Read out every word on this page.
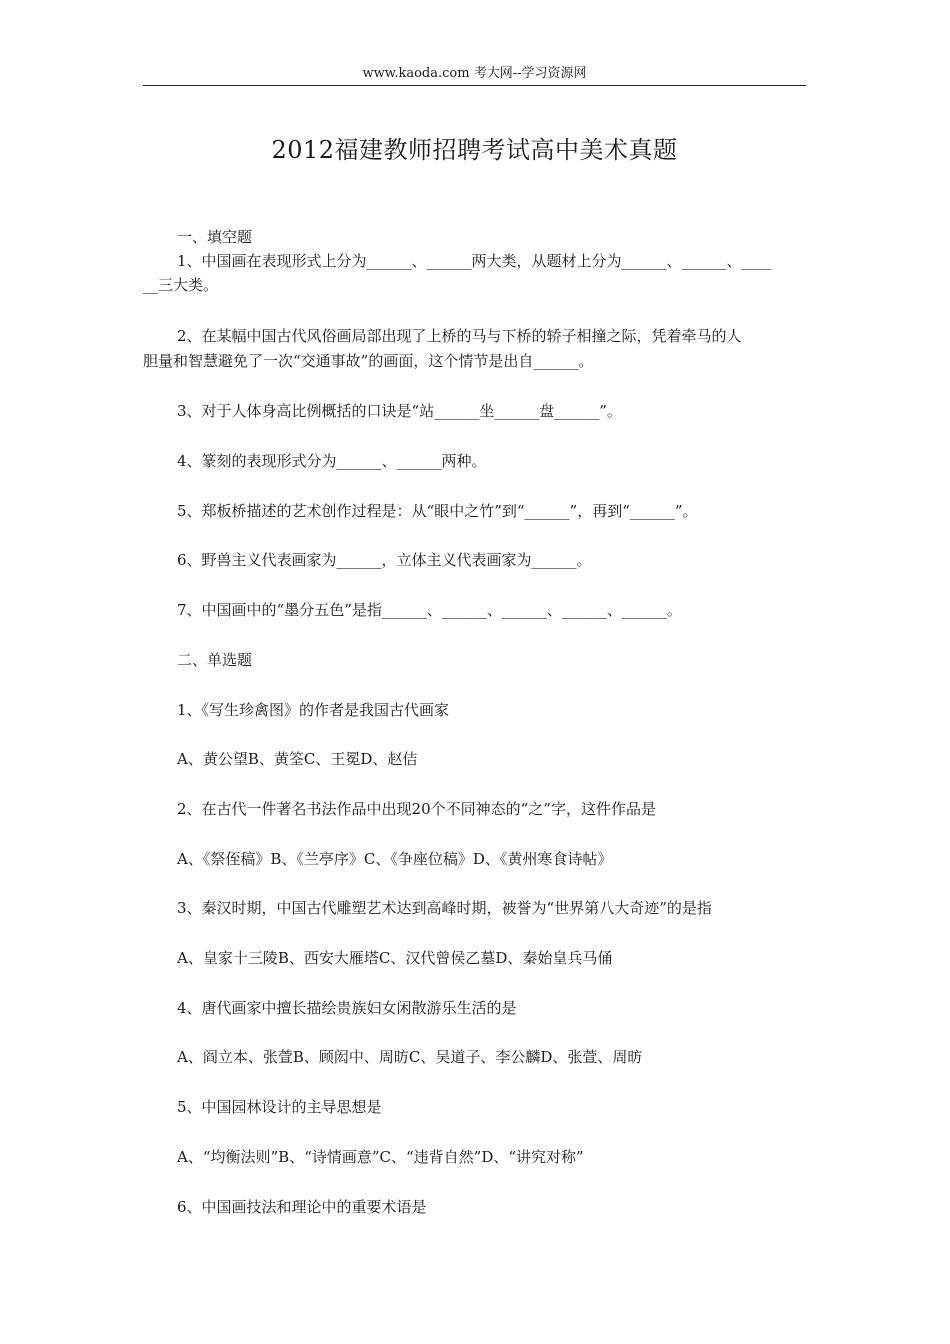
www.kaoda.com 考大网--学习资源网
2012福建教师招聘考试高中美术真题
一、填空题
1、中国画在表现形式上分为______、______两大类，从题材上分为______、______、____
__三大类。
2、在某幅中国古代风俗画局部出现了上桥的马与下桥的轿子相撞之际，凭着牵马的人
胆量和智慧避免了一次“交通事故”的画面，这个情节是出自______。
3、对于人体身高比例概括的口诀是“站______坐______盘______”。
4、篆刻的表现形式分为______、______两种。
5、郑板桥描述的艺术创作过程是：从“眼中之竹”到“______”，再到“______”。
6、野兽主义代表画家为______，立体主义代表画家为______。
7、中国画中的“墨分五色”是指______、______、______、______、______。
二、单选题
1、《写生珍禽图》的作者是我国古代画家
A、黄公望B、黄筌C、王冕D、赵佶
2、在古代一件著名书法作品中出现20个不同神态的“之”字，这件作品是
A、《祭侄稿》B、《兰亭序》C、《争座位稿》D、《黄州寒食诗帖》
3、秦汉时期，中国古代雕塑艺术达到高峰时期，被誉为“世界第八大奇迹”的是指
A、皇家十三陵B、西安大雁塔C、汉代曾侯乙墓D、秦始皇兵马俑
4、唐代画家中擅长描绘贵族妇女闲散游乐生活的是
A、阎立本、张萱B、顾闳中、周昉C、吴道子、李公麟D、张萱、周昉
5、中国园林设计的主导思想是
A、“均衡法则”B、“诗情画意”C、“违背自然”D、“讲究对称”
6、中国画技法和理论中的重要术语是
